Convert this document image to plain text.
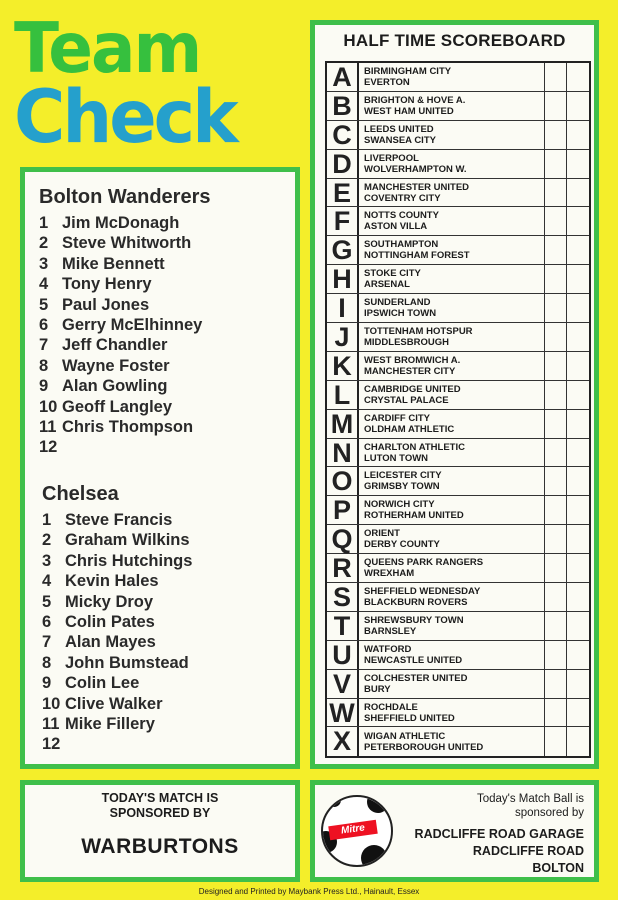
Team
Check
Bolton Wanderers
1 Jim McDonagh
2 Steve Whitworth
3 Mike Bennett
4 Tony Henry
5 Paul Jones
6 Gerry McElhinney
7 Jeff Chandler
8 Wayne Foster
9 Alan Gowling
10 Geoff Langley
11 Chris Thompson
12
Chelsea
1 Steve Francis
2 Graham Wilkins
3 Chris Hutchings
4 Kevin Hales
5 Micky Droy
6 Colin Pates
7 Alan Mayes
8 John Bumstead
9 Colin Lee
10 Clive Walker
11 Mike Fillery
12
HALF TIME SCOREBOARD
A	BIRMINGHAM CITY
EVERTON
B	BRIGHTON & HOVE A.
WEST HAM UNITED
C	LEEDS UNITED
SWANSEA CITY
D	LIVERPOOL
WOLVERHAMPTON W.
E	MANCHESTER UNITED
COVENTRY CITY
F	NOTTS COUNTY
ASTON VILLA
G	SOUTHAMPTON
NOTTINGHAM FOREST
H	STOKE CITY
ARSENAL
I	SUNDERLAND
IPSWICH TOWN
J	TOTTENHAM HOTSPUR
MIDDLESBROUGH
K	WEST BROMWICH A.
MANCHESTER CITY
L	CAMBRIDGE UNITED
CRYSTAL PALACE
M	CARDIFF CITY
OLDHAM ATHLETIC
N	CHARLTON ATHLETIC
LUTON TOWN
O	LEICESTER CITY
GRIMSBY TOWN
P	NORWICH CITY
ROTHERHAM UNITED
Q	ORIENT
DERBY COUNTY
R	QUEENS PARK RANGERS
WREXHAM
S	SHEFFIELD WEDNESDAY
BLACKBURN ROVERS
T	SHREWSBURY TOWN
BARNSLEY
U	WATFORD
NEWCASTLE UNITED
V	COLCHESTER UNITED
BURY
W ROCHDALE
SHEFFIELD UNITED
X	WIGAN ATHLETIC
PETERBOROUGH UNITED
TODAY'S MATCH IS
SPONSORED BY
WARBURTONS
Mitre
Today's Match Ball is
sponsored by
RADCLIFFE ROAD GARAGE
RADCLIFFE ROAD
BOLTON
Designed and Printed by Maybank Press Ltd., Hainault, Essex
